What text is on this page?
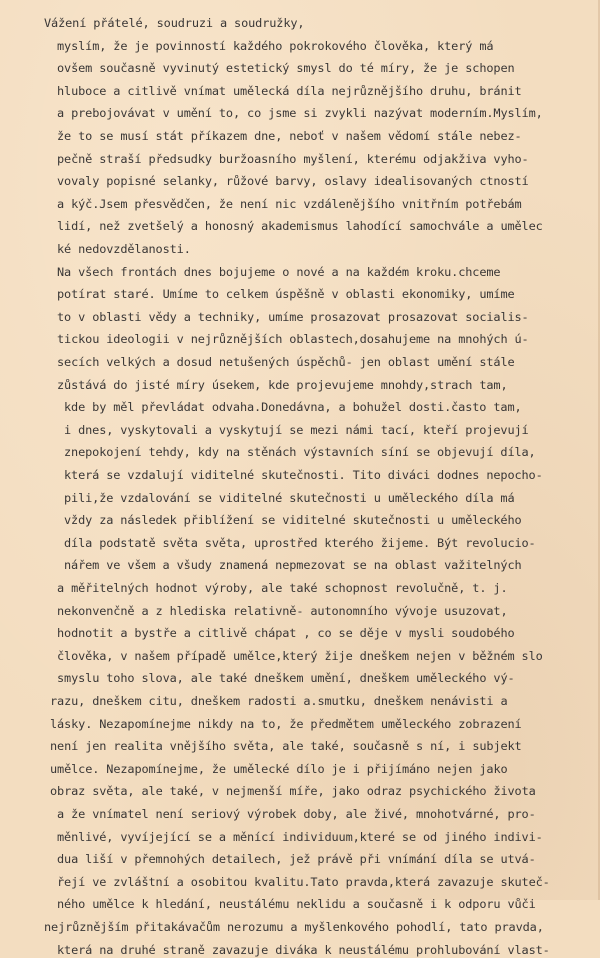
Vážení přátelé, soudruzi a soudružky,
myslím, že je povinností každého pokrokového člověka, který má
ovšem současně vyvinutý estetický smysl do té míry, že je schopen
hluboce a citlivě vnímat umělecká díla nejrůznějšího druhu, bránit
a prebojovávat v umění to, co jsme si zvykli nazývat moderním.Myslím,
že to se musí stát příkazem dne, neboť v našem vědomí stále nebez-
pečně straší předsudky buržoasního myšlení, kterému odjakživa vyho-
vovaly popisné selanky, růžové barvy, oslavy idealisovaných ctností
a kýč.Jsem přesvědčen, že není nic vzdálenějšího vnitřním potřebám
lidí, než zvetšelý a honosný akademismus lahodící samochvále a umělec
ké nedovzdělanosti.
Na všech frontách dnes bojujeme o nové a na každém kroku.chceme
potírat staré. Umíme to celkem úspěšně v oblasti ekonomiky, umíme
to v oblasti vědy a techniky, umíme prosazovat prosazovat socialis-
tickou ideologii v nejrůznějších oblastech,dosahujeme na mnohých ú-
secích velkých a dosud netušených úspěchů- jen oblast umění stále
zůstává do jisté míry úsekem, kde projevujeme mnohdy,strach tam,
kde by měl převládat odvaha.Donedávna, a bohužel dosti.často tam,
i dnes, vyskytovali a vyskytují se mezi námi tací, kteří projevují
znepokojení tehdy, kdy na stěnách výstavních síní se objevují díla,
která se vzdalují viditelné skutečnosti. Tito diváci dodnes nepocho-
pili,že vzdalování se viditelné skutečnosti u uměleckého díla má
vždy za následek přiblížení se viditelné skutečnosti u uměleckého
díla podstatě světa světa, uprostřed kterého žijeme. Být revolucio-
nářem ve všem a všudy znamená nepmezovat se na oblast važitelných
a měřitelných hodnot výroby, ale také schopnost revolučně, t. j.
nekonvenčně a z hlediska relativně- autonomního vývoje usuzovat,
hodnotit a bystře a citlivě chápat , co se děje v mysli soudobého
člověka, v našem případě umělce,který žije dneškem nejen v běžném slo
smyslu toho slova, ale také dneškem umění, dneškem uměleckého vý-
razu, dneškem citu, dneškem radosti a.smutku, dneškem nenávisti a
lásky. Nezapomínejme nikdy na to, že předmětem uměleckého zobrazení
není jen realita vnějšího světa, ale také, současně s ní, i subjekt
umělce. Nezapomínejme, že umělecké dílo je i přijímáno nejen jako
obraz světa, ale také, v nejmenší míře, jako odraz psychického života
a že vnímatel není seriový výrobek doby, ale živé, mnohotvárné, pro-
měnlivé, vyvíjející se a měnící individuum,které se od jiného indivi-
dua liší v přemnohých detailech, jež právě při vnímání díla se utvá-
řejí ve zvláštní a osobitou kvalitu.Tato pravda,která zavazuje skuteč-
ného umělce k hledání, neustálému neklidu a současně i k odporu vůči
nejrůznějším přitakávačům nerozumu a myšlenkového pohodlí, tato pravda,
která na druhé straně zavazuje diváka k neustálému prohlubování vlast-
